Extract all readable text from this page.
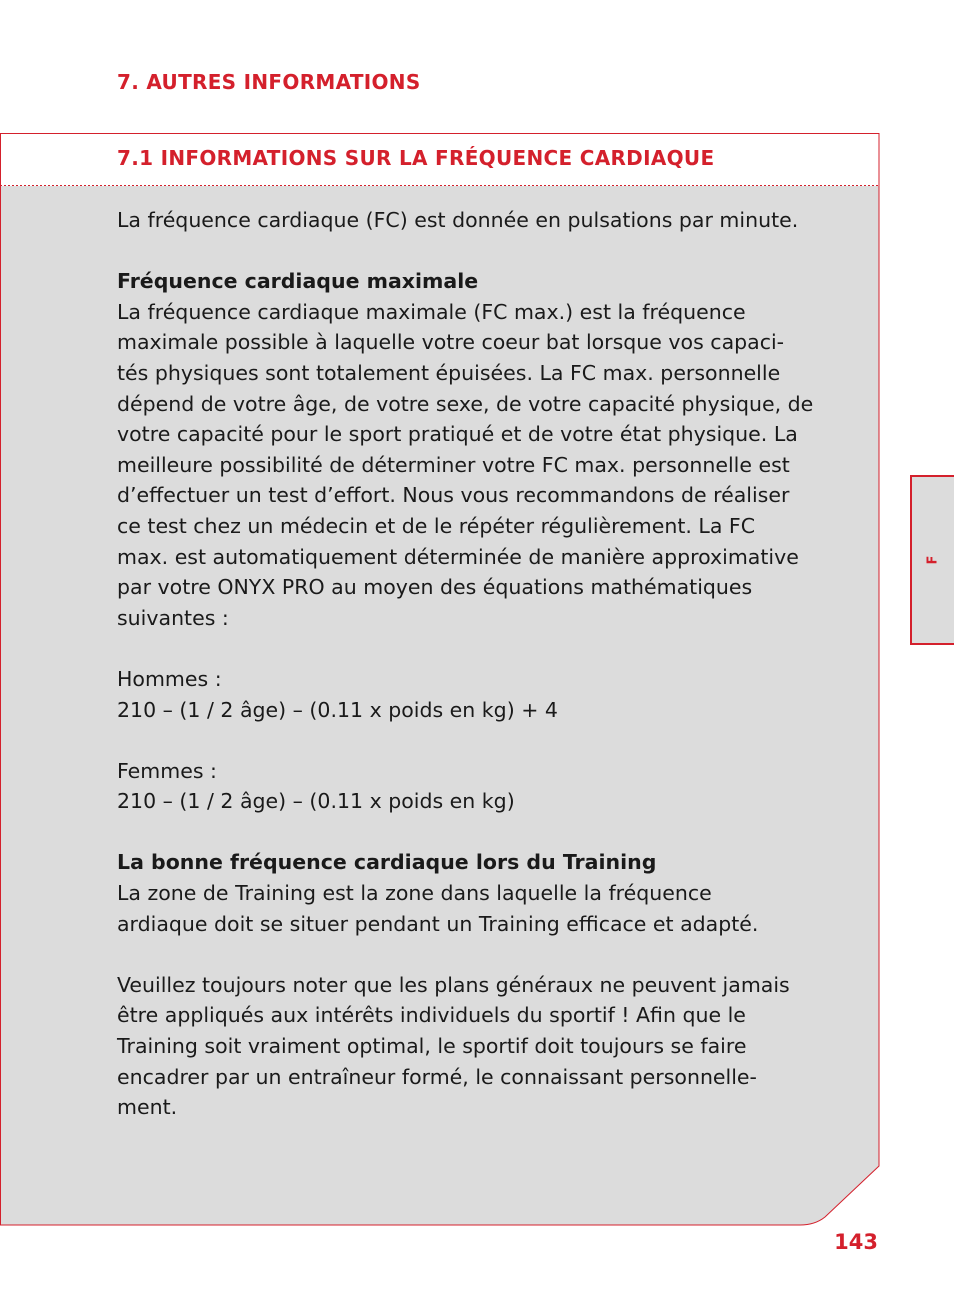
7. AUTRES INFORMATIONS
7.1 INFORMATIONS SUR LA FRÉQUENCE CARDIAQUE

La fréquence cardiaque (FC) est donnée en pulsations par minute.

Fréquence cardiaque maximale

La fréquence cardiaque maximale (FC max.) est la fréquence

maximale possible à laquelle votre coeur bat lorsque vos capaci-

tés physiques sont totalement épuisées. La FC max. personnelle

dépend de votre âge, de votre sexe, de votre capacité physique, de

votre capacité pour le sport pratiqué et de votre état physique. La

meilleure possibilité de déterminer votre FC max. personnelle est

d’effectuer un test d’effort. Nous vous recommandons de réaliser

ce test chez un médecin et de le répéter régulièrement. La FC

max. est automatiquement déterminée de manière approximative

par votre ONYX PRO au moyen des équations mathématiques

suivantes :

Hommes :

210 – (1 / 2 âge) – (0.11 x poids en kg) + 4

Femmes :

210 – (1 / 2 âge) – (0.11 x poids en kg)

La bonne fréquence cardiaque lors du Training

La zone de Training est la zone dans laquelle la fréquence

ardiaque doit se situer pendant un Training efficace et adapté.

Veuillez toujours noter que les plans généraux ne peuvent jamais

être appliqués aux intérêts individuels du sportif ! Afin que le

Training soit vraiment optimal, le sportif doit toujours se faire

encadrer par un entraîneur formé, le connaissant personnelle-

ment.

F
143
